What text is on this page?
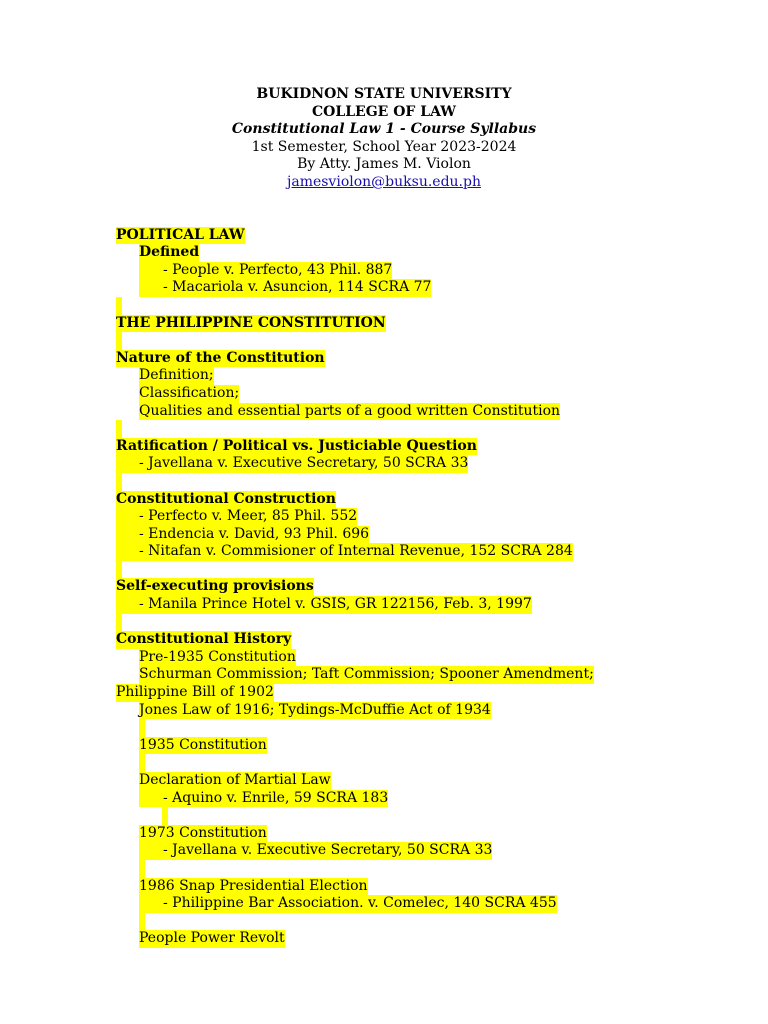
BUKIDNON STATE UNIVERSITY
COLLEGE OF LAW
Constitutional Law 1 - Course Syllabus
1st Semester, School Year 2023-2024
By Atty. James M. Violon
jamesviolon@buksu.edu.ph
POLITICAL LAW
Defined
- People v. Perfecto, 43 Phil. 887
- Macariola v. Asuncion, 114 SCRA 77
THE PHILIPPINE CONSTITUTION
Nature of the Constitution
Definition;
Classification;
Qualities and essential parts of a good written Constitution
Ratification / Political vs. Justiciable Question
- Javellana v. Executive Secretary, 50 SCRA 33
Constitutional Construction
- Perfecto v. Meer, 85 Phil. 552
- Endencia v. David, 93 Phil. 696
- Nitafan v. Commisioner of Internal Revenue, 152 SCRA 284
Self-executing provisions
- Manila Prince Hotel v. GSIS, GR 122156, Feb. 3, 1997
Constitutional History
Pre-1935 Constitution
Schurman Commission; Taft Commission; Spooner Amendment;
Philippine Bill of 1902
Jones Law of 1916; Tydings-McDuffie Act of 1934
1935 Constitution
Declaration of Martial Law
- Aquino v. Enrile, 59 SCRA 183
1973 Constitution
- Javellana v. Executive Secretary, 50 SCRA 33
1986 Snap Presidential Election
- Philippine Bar Association. v. Comelec, 140 SCRA 455
People Power Revolt
